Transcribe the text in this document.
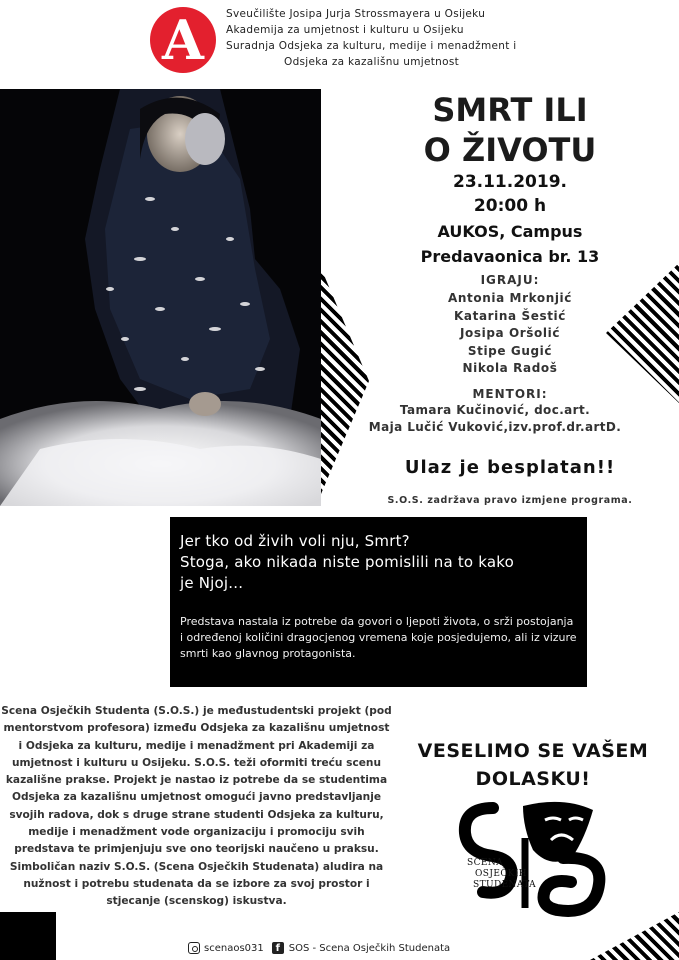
A	Sveučilište Josipa Jurja Strossmayera u Osijeku
Akademija za umjetnost i kulturu u Osijeku
Suradnja Odsjeka za kulturu, medije i menadžment i
Odsjeka za kazališnu umjetnost
SMRT ILI
O ŽIVOTU
23.11.2019.
20:00 h
AUKOS, Campus
Predavaonica br. 13
IGRAJU:
Antonia Mrkonjić
Katarina Šestić
Josipa Oršolić
Stipe Gugić
Nikola Radoš
MENTORI:
Tamara Kučinović, doc.art.
Maja Lučić Vuković,izv.prof.dr.artD.
Ulaz je besplatan!!
S.O.S. zadržava pravo izmjene programa.
Jer tko od živih voli nju, Smrt?
Stoga, ako nikada niste pomislili na to kako
je Njoj...
Predstava nastala iz potrebe da govori o ljepoti života, o srži postojanja i određenoj količini dragocjenog vremena koje posjedujemo, ali iz vizure smrti kao glavnog protagonista.
Scena Osječkih Studenta (S.O.S.) je međustudentski projekt (pod mentorstvom profesora) između Odsjeka za kazališnu umjetnost i Odsjeka za kulturu, medije i menadžment pri Akademiji za umjetnost i kulturu u Osijeku. S.O.S. teži oformiti treću scenu kazališne prakse. Projekt je nastao iz potrebe da se studentima Odsjeka za kazališnu umjetnost omogući javno predstavljanje svojih radova, dok s druge strane studenti Odsjeka za kulturu, medije i menadžment vode organizaciju i promociju svih predstava te primjenjuju sve ono teorijski naučeno u praksu. Simboličan naziv S.O.S. (Scena Osječkih Studenata) aludira na nužnost i potrebu studenata da se izbore za svoj prostor i stjecanje (scenskog) iskustva.
VESELIMO SE VAŠEM
DOLASKU!
SCENA
OSJEČKIH
STUDENATA
scenaos031	f SOS - Scena Osječkih Studenata
